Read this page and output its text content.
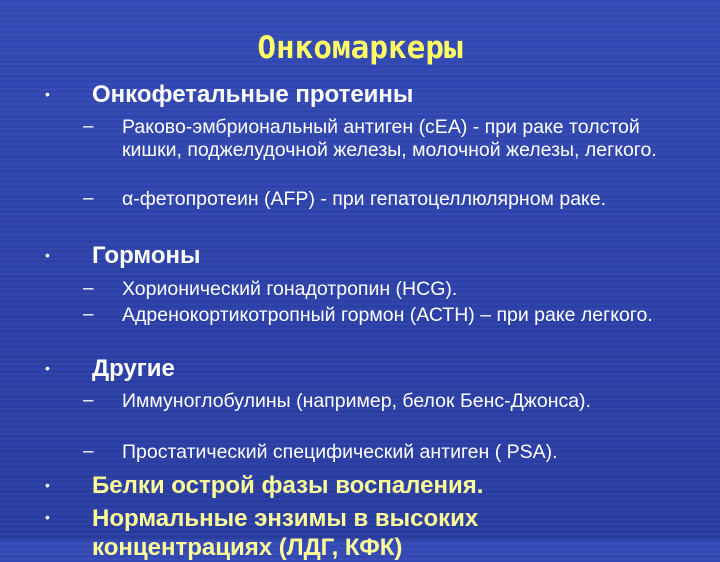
Онкомаркеры
• Онкофетальные протеины
– Раково-эмбриональный антиген (сЕА) - при раке толстой кишки, поджелудочной железы, молочной железы, легкого.
– α-фетопротеин (AFP) - при гепатоцеллюлярном раке.
• Гормоны
– Хорионический гонадотропин (HCG).
– Адренокортикотропный гормон (АСТН) – при раке легкого.
• Другие
– Иммуноглобулины (например, белок Бенс-Джонса).
– Простатический специфический антиген ( PSA).
• Белки острой фазы воспаления.
• Нормальные энзимы в высоких концентрациях (ЛДГ, КФК)
